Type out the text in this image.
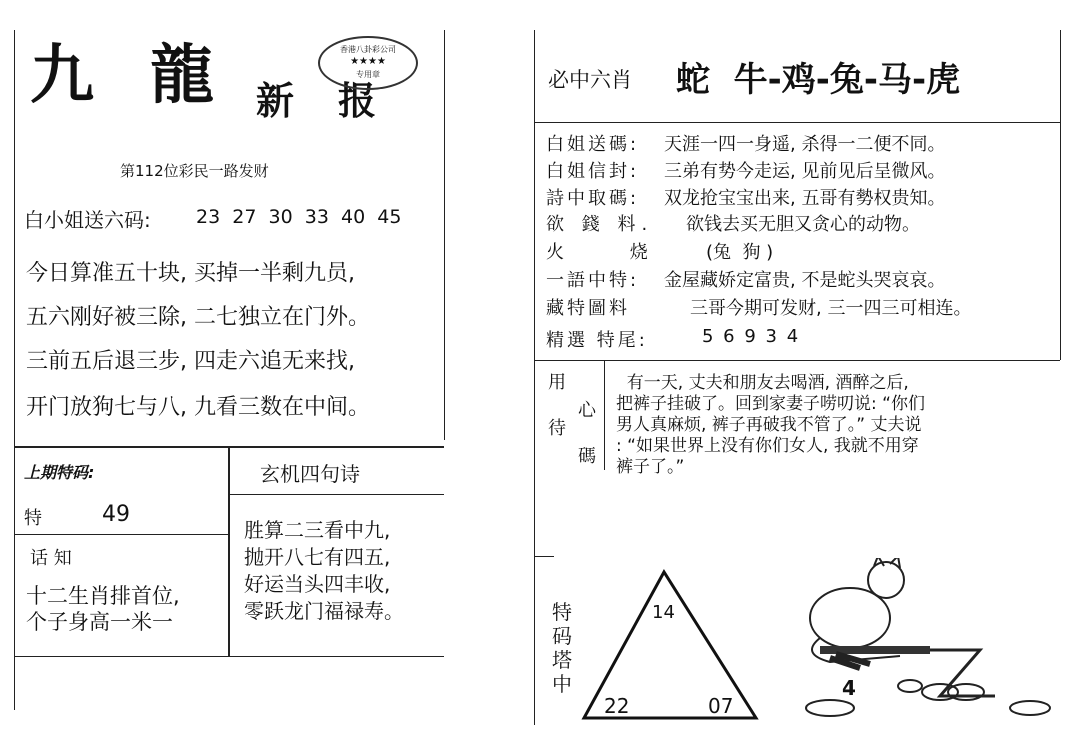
九 龍 新 报
香港八卦彩公司
★★★★
专用章
第112位彩民一路发财
白小姐送六码: 23  27  30  33  40  45
今日算准五十块, 买掉一半剩九员,
五六刚好被三除, 二七独立在门外。
三前五后退三步, 四走六追无来找,
开门放狗七与八, 九看三数在中间。
上期特码:
特	49
话 知
十二生肖排首位,
个子身高一米一
玄机四句诗
胜算二三看中九,
抛开八七有四五,
好运当头四丰收,
零跃龙门福禄寿。
必中六肖 蛇  牛-鸡-兔-马-虎
白姐送碼: 天涯一四一身遥, 杀得一二便不同。
白姐信封: 三弟有势今走运, 见前见后呈微风。
詩中取碼: 双龙抢宝宝出来, 五哥有勢权贵知。
欲 錢 料. 欲钱去买无胆又贪心的动物。
火 烧 (兔  狗 )
一語中特: 金屋藏娇定富贵, 不是蛇头哭哀哀。
藏特圖料	三哥今期可发财, 三一四三可相连。
精選 特尾:	5 6 9 3 4
用
心
待
碼
有一天, 丈夫和朋友去喝酒, 酒醉之后,
把裤子挂破了。回到家妻子唠叨说: “你们
男人真麻烦, 裤子再破我不管了。” 丈夫说
: “如果世界上没有你们女人, 我就不用穿
裤子了。”
特
码
塔
中
14
22	07
4
